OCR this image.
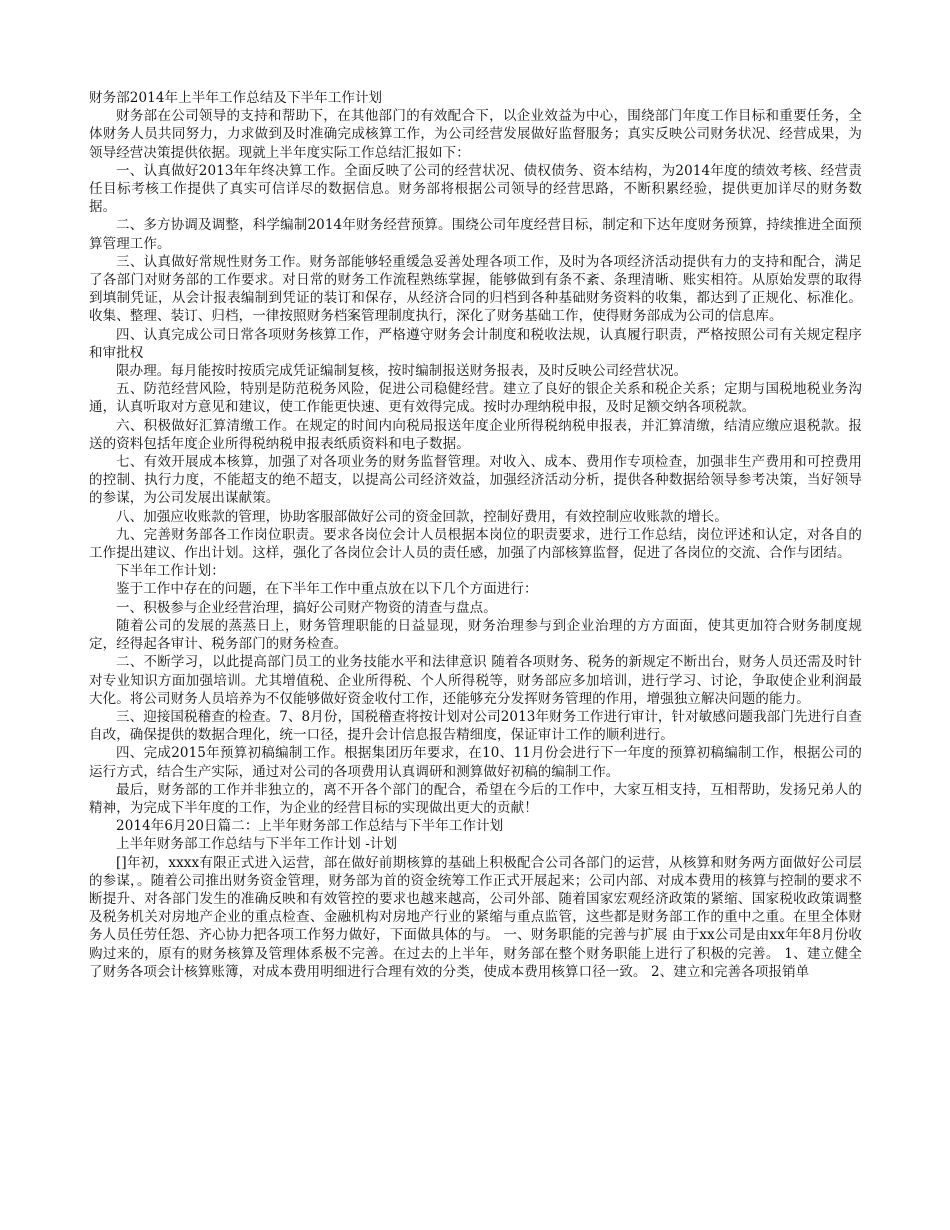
财务部2014年上半年工作总结及下半年工作计划

财务部在公司领导的支持和帮助下，在其他部门的有效配合下，以企业效益为中心，围绕部门年度工作目标和重要任务，全体财务人员共同努力，力求做到及时准确完成核算工作，为公司经营发展做好监督服务；真实反映公司财务状况、经营成果，为领导经营决策提供依据。现就上半年度实际工作总结汇报如下：

一、认真做好2013年年终决算工作。全面反映了公司的经营状况、债权债务、资本结构，为2014年度的绩效考核、经营责任目标考核工作提供了真实可信详尽的数据信息。财务部将根据公司领导的经营思路，不断积累经验，提供更加详尽的财务数据。

二、多方协调及调整，科学编制2014年财务经营预算。围绕公司年度经营目标，制定和下达年度财务预算，持续推进全面预算管理工作。

三、认真做好常规性财务工作。财务部能够轻重缓急妥善处理各项工作，及时为各项经济活动提供有力的支持和配合，满足了各部门对财务部的工作要求。对日常的财务工作流程熟练掌握，能够做到有条不紊、条理清晰、账实相符。从原始发票的取得到填制凭证，从会计报表编制到凭证的装订和保存，从经济合同的归档到各种基础财务资料的收集，都达到了正规化、标准化。收集、整理、装订、归档，一律按照财务档案管理制度执行，深化了财务基础工作，使得财务部成为公司的信息库。

四、认真完成公司日常各项财务核算工作，严格遵守财务会计制度和税收法规，认真履行职责，严格按照公司有关规定程序和审批权

限办理。每月能按时按质完成凭证编制复核，按时编制报送财务报表，及时反映公司经营状况。

五、防范经营风险，特别是防范税务风险，促进公司稳健经营。建立了良好的银企关系和税企关系；定期与国税地税业务沟通，认真听取对方意见和建议，使工作能更快速、更有效得完成。按时办理纳税申报，及时足额交纳各项税款。

六、积极做好汇算清缴工作。在规定的时间内向税局报送年度企业所得税纳税申报表，并汇算清缴，结清应缴应退税款。报送的资料包括年度企业所得税纳税申报表纸质资料和电子数据。

七、有效开展成本核算，加强了对各项业务的财务监督管理。对收入、成本、费用作专项检查，加强非生产费用和可控费用的控制、执行力度，不能超支的绝不超支，以提高公司经济效益，加强经济活动分析，提供各种数据给领导参考决策，当好领导的参谋，为公司发展出谋献策。

八、加强应收账款的管理，协助客服部做好公司的资金回款，控制好费用，有效控制应收账款的增长。

九、完善财务部各工作岗位职责。要求各岗位会计人员根据本岗位的职责要求，进行工作总结，岗位评述和认定，对各自的工作提出建议、作出计划。这样，强化了各岗位会计人员的责任感，加强了内部核算监督，促进了各岗位的交流、合作与团结。

下半年工作计划：

鉴于工作中存在的问题，在下半年工作中重点放在以下几个方面进行：

一、积极参与企业经营治理，搞好公司财产物资的清查与盘点。

随着公司的发展的蒸蒸日上，财务管理职能的日益显现，财务治理参与到企业治理的方方面面，使其更加符合财务制度规定，经得起各审计、税务部门的财务检查。

二、不断学习，以此提高部门员工的业务技能水平和法律意识 随着各项财务、税务的新规定不断出台，财务人员还需及时针对专业知识方面加强培训。尤其增值税、企业所得税、个人所得税等，财务部应多加培训，进行学习、讨论，争取使企业利润最大化。将公司财务人员培养为不仅能够做好资金收付工作，还能够充分发挥财务管理的作用，增强独立解决问题的能力。

三、迎接国税稽查的检查。7、8月份，国税稽查将按计划对公司2013年财务工作进行审计，针对敏感问题我部门先进行自查自改，确保提供的数据合理化，统一口径，提升会计信息报告精细度，保证审计工作的顺利进行。

四、完成2015年预算初稿编制工作。根据集团历年要求，在10、11月份会进行下一年度的预算初稿编制工作，根据公司的运行方式，结合生产实际，通过对公司的各项费用认真调研和测算做好初稿的编制工作。

最后，财务部的工作并非独立的，离不开各个部门的配合，希望在今后的工作中，大家互相支持，互相帮助，发扬兄弟人的精神，为完成下半年度的工作，为企业的经营目标的实现做出更大的贡献！

2014年6月20日篇二：上半年财务部工作总结与下半年工作计划

上半年财务部工作总结与下半年工作计划 -计划

[]年初，xxxx有限正式进入运营，部在做好前期核算的基础上积极配合公司各部门的运营，从核算和财务两方面做好公司层的参谋，。随着公司推出财务资金管理，财务部为首的资金统筹工作正式开展起来；公司内部、对成本费用的核算与控制的要求不断提升、对各部门发生的准确反映和有效管控的要求也越来越高，公司外部、随着国家宏观经济政策的紧缩、国家税收政策调整及税务机关对房地产企业的重点检查、金融机构对房地产行业的紧缩与重点监管，这些都是财务部工作的重中之重。在里全体财务人员任劳任怨、齐心协力把各项工作努力做好，下面做具体的与。 一、财务职能的完善与扩展 由于xx公司是由xx年年8月份收购过来的，原有的财务核算及管理体系极不完善。在过去的上半年，财务部在整个财务职能上进行了积极的完善。 1、建立健全了财务各项会计核算账簿，对成本费用明细进行合理有效的分类，使成本费用核算口径一致。 2、建立和完善各项报销单
